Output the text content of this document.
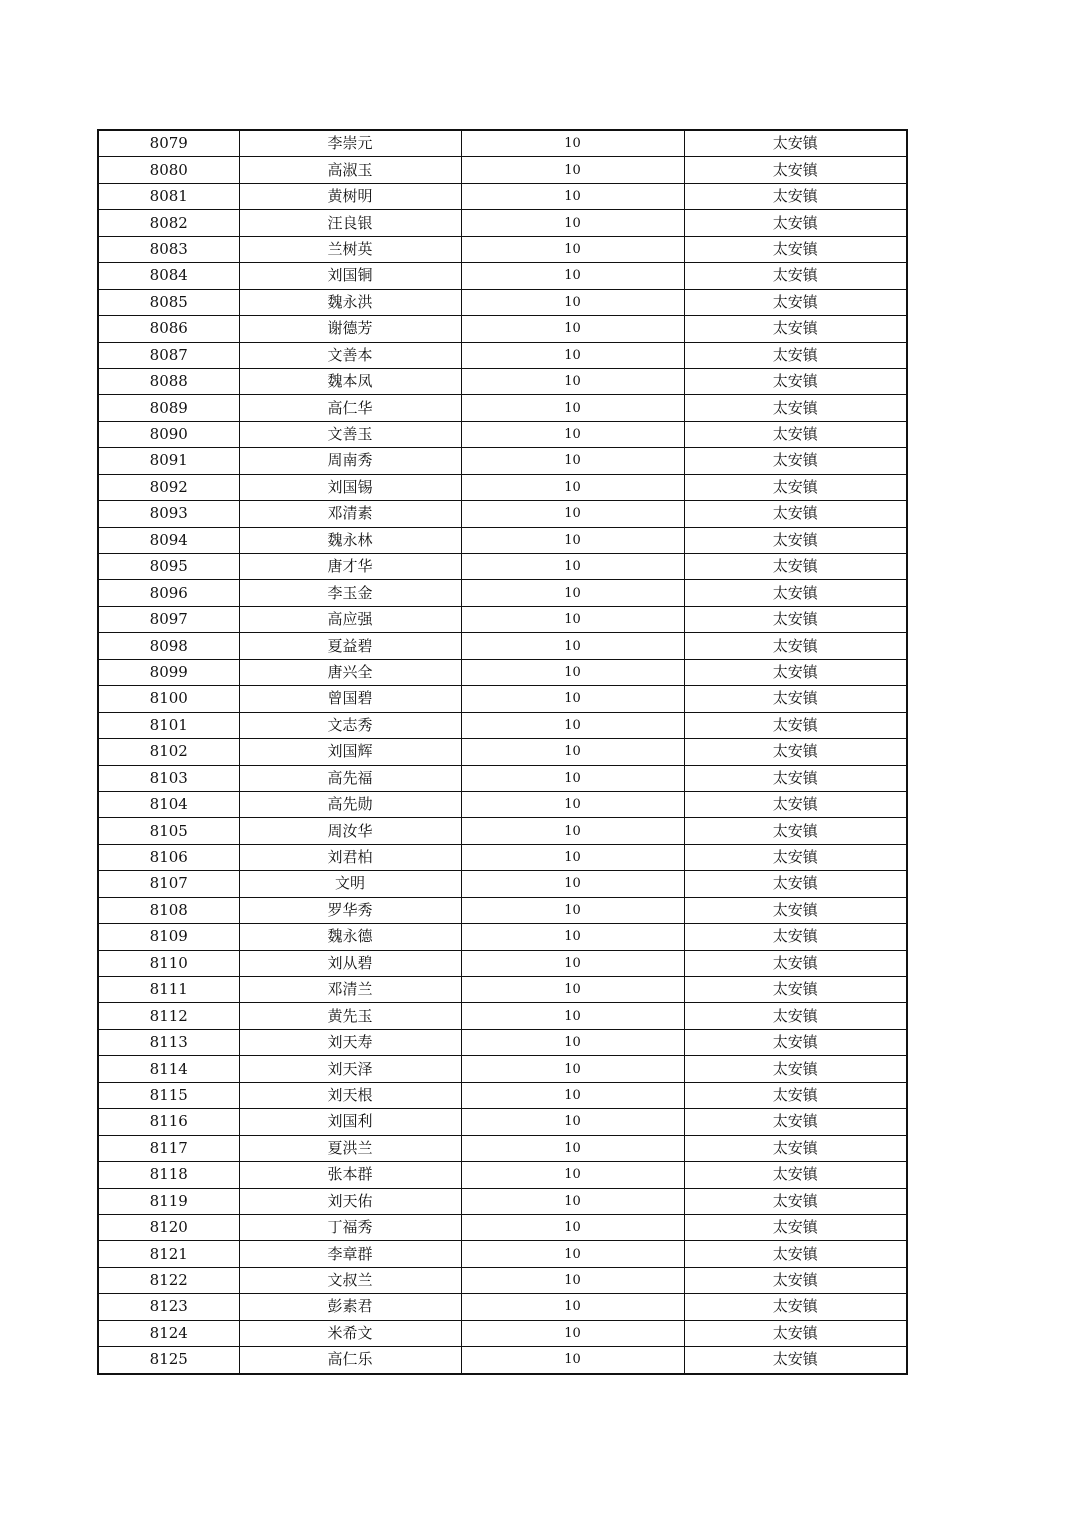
8079	李崇元	10	太安镇
8080	高淑玉	10	太安镇
8081	黄树明	10	太安镇
8082	汪良银	10	太安镇
8083	兰树英	10	太安镇
8084	刘国铜	10	太安镇
8085	魏永洪	10	太安镇
8086	谢德芳	10	太安镇
8087	文善本	10	太安镇
8088	魏本凤	10	太安镇
8089	高仁华	10	太安镇
8090	文善玉	10	太安镇
8091	周南秀	10	太安镇
8092	刘国锡	10	太安镇
8093	邓清素	10	太安镇
8094	魏永林	10	太安镇
8095	唐才华	10	太安镇
8096	李玉金	10	太安镇
8097	高应强	10	太安镇
8098	夏益碧	10	太安镇
8099	唐兴全	10	太安镇
8100	曾国碧	10	太安镇
8101	文志秀	10	太安镇
8102	刘国辉	10	太安镇
8103	高先福	10	太安镇
8104	高先勋	10	太安镇
8105	周汝华	10	太安镇
8106	刘君柏	10	太安镇
8107	文明	10	太安镇
8108	罗华秀	10	太安镇
8109	魏永德	10	太安镇
8110	刘从碧	10	太安镇
8111	邓清兰	10	太安镇
8112	黄先玉	10	太安镇
8113	刘天寿	10	太安镇
8114	刘天泽	10	太安镇
8115	刘天根	10	太安镇
8116	刘国利	10	太安镇
8117	夏洪兰	10	太安镇
8118	张本群	10	太安镇
8119	刘天佑	10	太安镇
8120	丁福秀	10	太安镇
8121	李章群	10	太安镇
8122	文叔兰	10	太安镇
8123	彭素君	10	太安镇
8124	米希文	10	太安镇
8125	高仁乐	10	太安镇
